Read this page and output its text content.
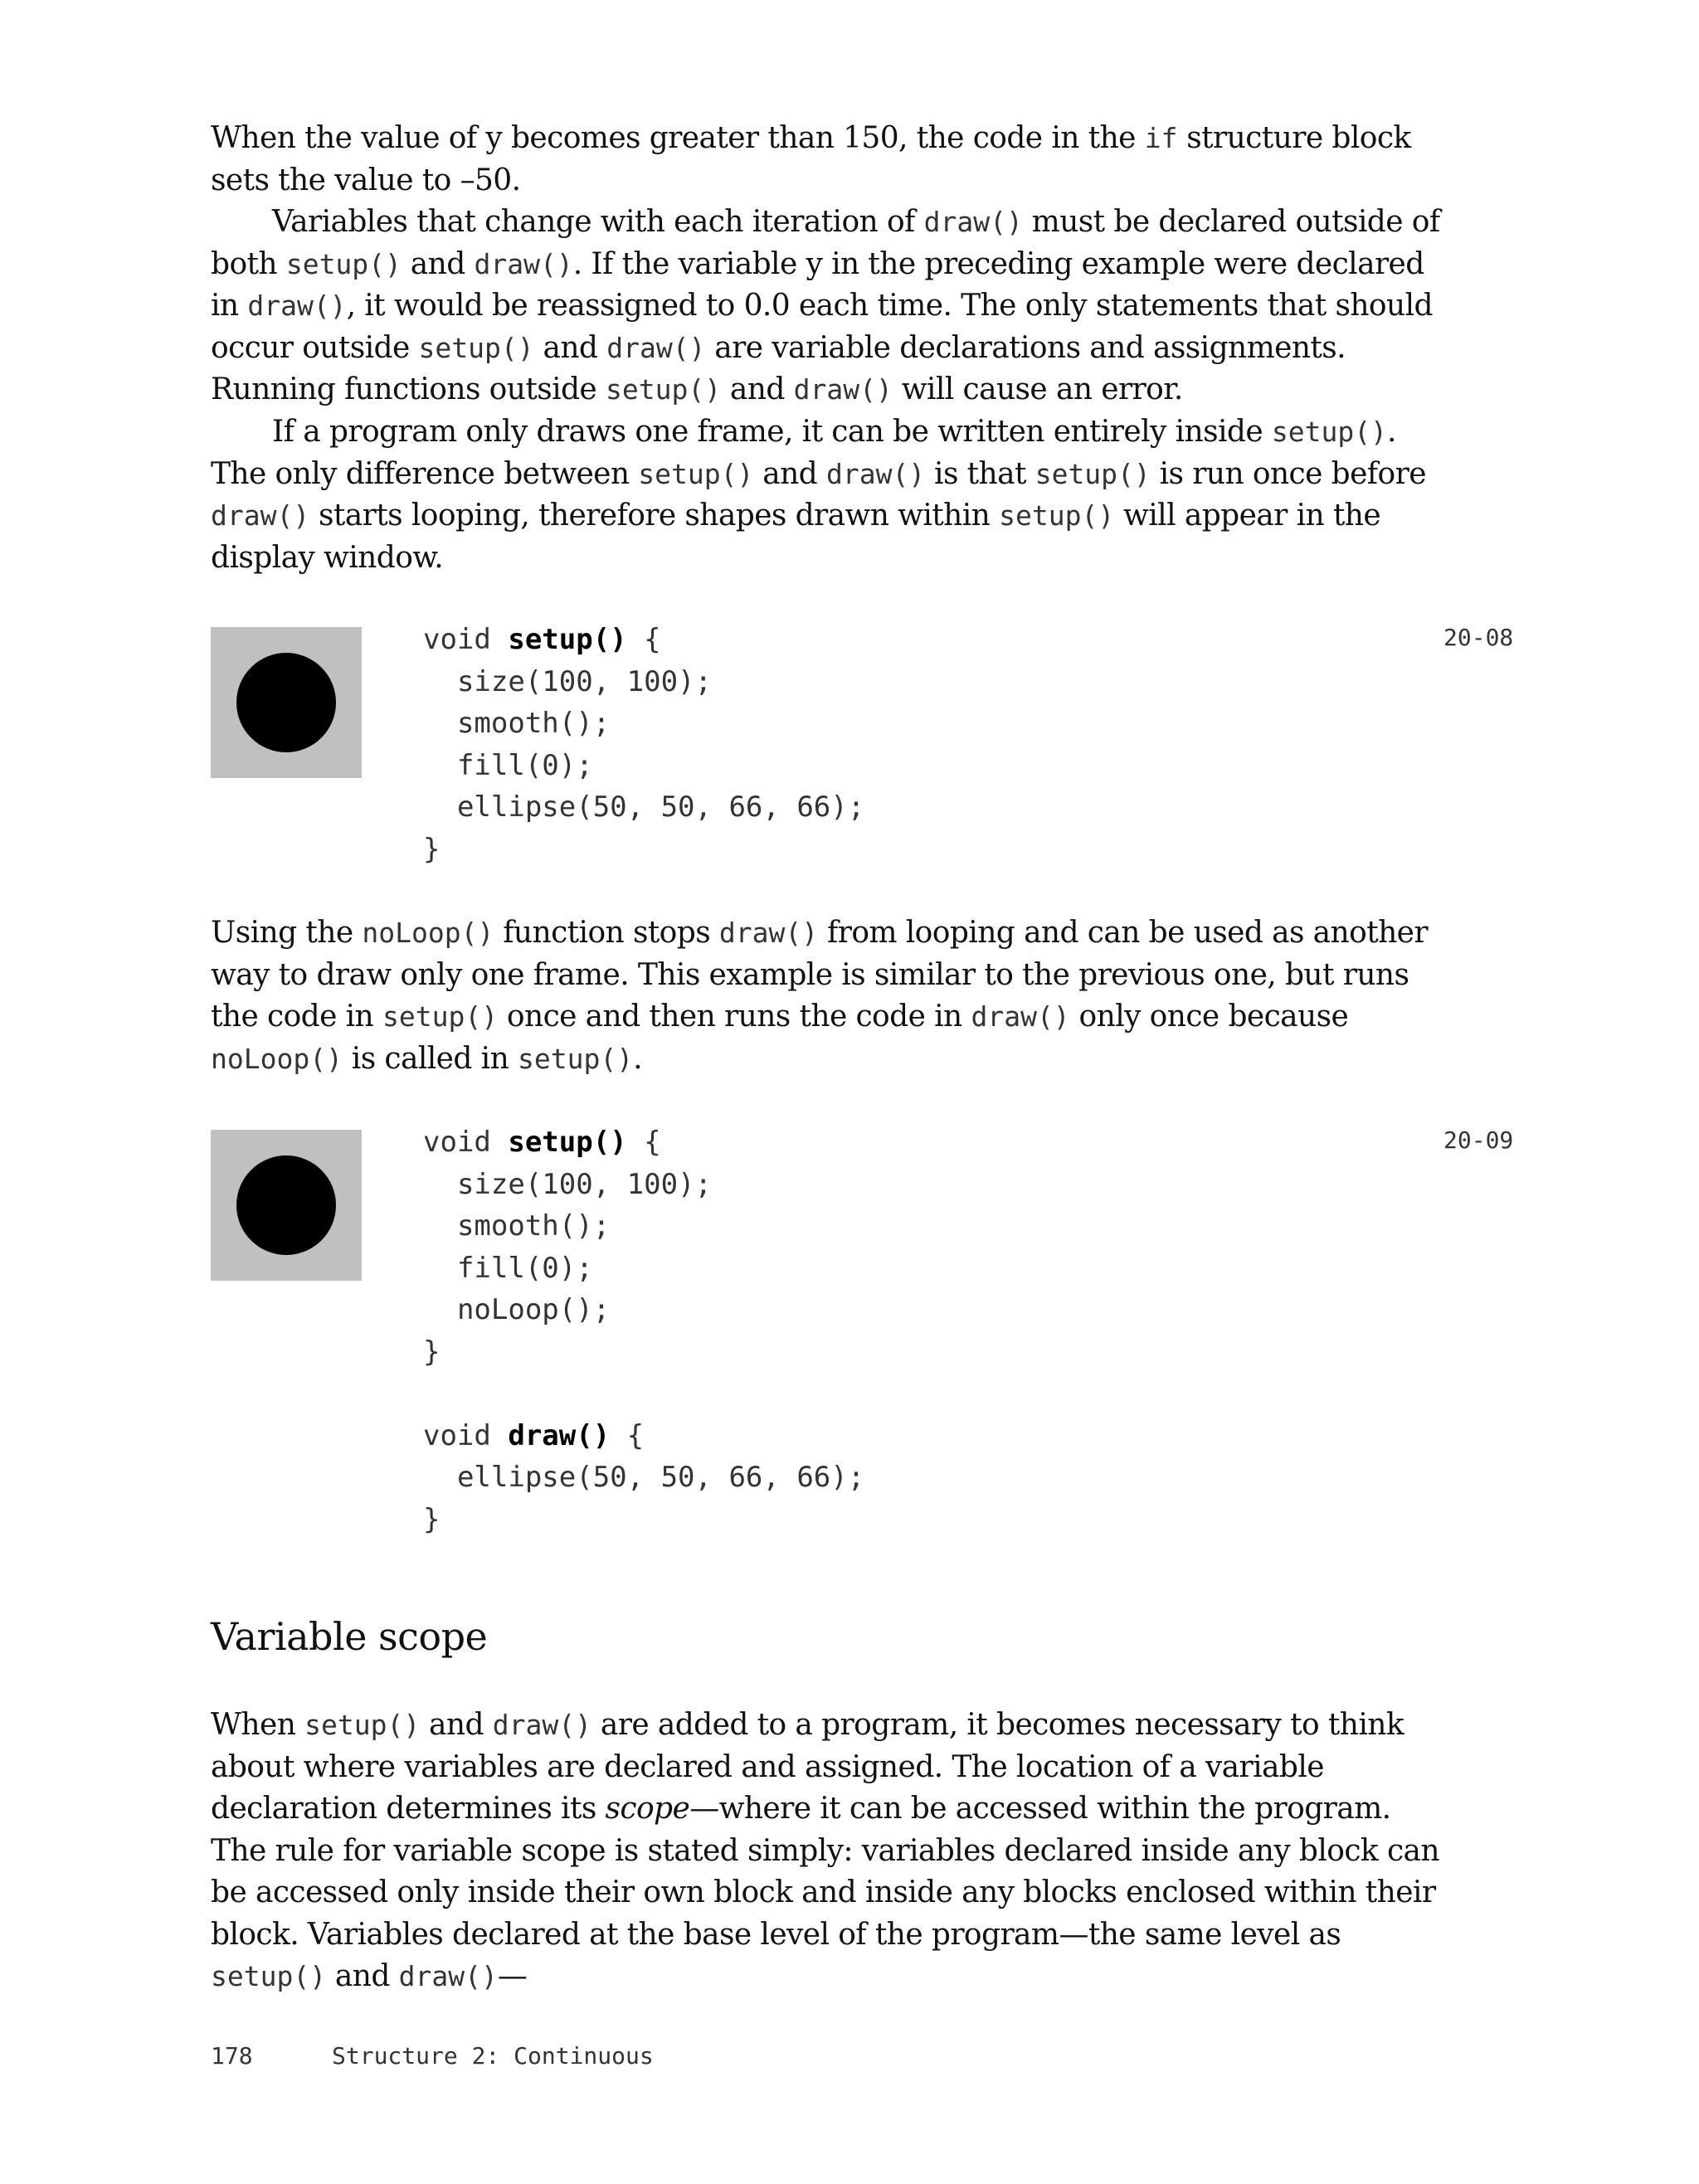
When the value of y becomes greater than 150, the code in the if structure block sets the value to –50.

Variables that change with each iteration of draw() must be declared outside of both setup() and draw(). If the variable y in the preceding example were declared in draw(), it would be reassigned to 0.0 each time. The only statements that should occur outside setup() and draw() are variable declarations and assignments. Running functions outside setup() and draw() will cause an error.

If a program only draws one frame, it can be written entirely inside setup(). The only difference between setup() and draw() is that setup() is run once before draw() starts looping, therefore shapes drawn within setup() will appear in the display window.

void setup() {
size(100, 100);
smooth();
fill(0);
ellipse(50, 50, 66, 66);
}
20-08

Using the noLoop() function stops draw() from looping and can be used as another way to draw only one frame. This example is similar to the previous one, but runs the code in setup() once and then runs the code in draw() only once because noLoop() is called in setup().

void setup() {
size(100, 100);
smooth();
fill(0);
noLoop();
}
void draw() {
ellipse(50, 50, 66, 66);
}
20-09
Variable scope

When setup() and draw() are added to a program, it becomes necessary to think about where variables are declared and assigned. The location of a variable declaration determines its scope—where it can be accessed within the program. The rule for variable scope is stated simply: variables declared inside any block can be accessed only inside their own block and inside any blocks enclosed within their block. Variables declared at the base level of the program—the same level as setup() and draw()—

178	Structure 2: Continuous
